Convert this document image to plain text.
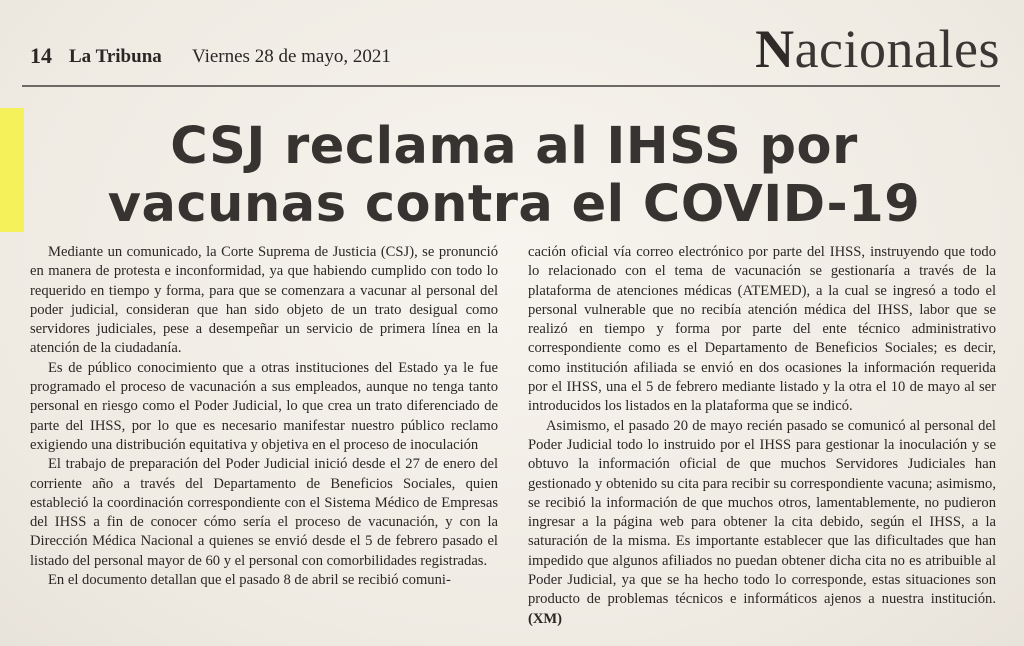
14 La Tribuna Viernes 28 de mayo, 2021	Nacionales
CSJ reclama al IHSS por
vacunas contra el COVID-19

Mediante un comunicado, la Corte Suprema de Justicia (CSJ), se pronunció en manera de protesta e inconformidad, ya que habiendo cumplido con todo lo requerido en tiempo y forma, para que se comenzara a vacunar al personal del poder judicial, consideran que han sido objeto de un trato desigual como servidores judiciales, pese a desempeñar un servicio de primera línea en la atención de la ciudadanía.

Es de público conocimiento que a otras instituciones del Estado ya le fue programado el proceso de vacunación a sus empleados, aunque no tenga tanto personal en riesgo como el Poder Judicial, lo que crea un trato diferenciado de parte del IHSS, por lo que es necesario manifestar nuestro público reclamo exigiendo una distribución equitativa y objetiva en el proceso de inoculación

El trabajo de preparación del Poder Judicial inició desde el 27 de enero del corriente año a través del Departamento de Beneficios Sociales, quien estableció la coordinación correspondiente con el Sistema Médico de Empresas del IHSS a fin de conocer cómo sería el proceso de vacunación, y con la Dirección Médica Nacional a quienes se envió desde el 5 de febrero pasado el listado del personal mayor de 60 y el personal con comorbilidades registradas.

En el documento detallan que el pasado 8 de abril se recibió comuni-

cación oficial vía correo electrónico por parte del IHSS, instruyendo que todo lo relacionado con el tema de vacunación se gestionaría a través de la plataforma de atenciones médicas (ATEMED), a la cual se ingresó a todo el personal vulnerable que no recibía atención médica del IHSS, labor que se realizó en tiempo y forma por parte del ente técnico administrativo correspondiente como es el Departamento de Beneficios Sociales; es decir, como institución afiliada se envió en dos ocasiones la información requerida por el IHSS, una el 5 de febrero mediante listado y la otra el 10 de mayo al ser introducidos los listados en la plataforma que se indicó.

Asimismo, el pasado 20 de mayo recién pasado se comunicó al personal del Poder Judicial todo lo instruido por el IHSS para gestionar la inoculación y se obtuvo la información oficial de que muchos Servidores Judiciales han gestionado y obtenido su cita para recibir su correspondiente vacuna; asimismo, se recibió la información de que muchos otros, lamentablemente, no pudieron ingresar a la página web para obtener la cita debido, según el IHSS, a la saturación de la misma. Es importante establecer que las dificultades que han impedido que algunos afiliados no puedan obtener dicha cita no es atribuible al Poder Judicial, ya que se ha hecho todo lo corresponde, estas situaciones son producto de problemas técnicos e informáticos ajenos a nuestra institución. (XM)
